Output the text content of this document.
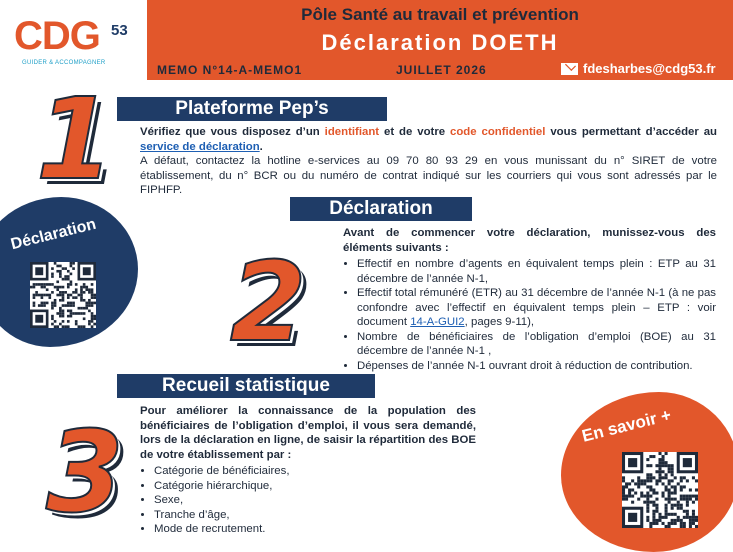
CDG 53
GUIDER & ACCOMPAGNER
Pôle Santé au travail et prévention
Déclaration DOETH
MEMO N°14-A-MEMO1	JUILLET 2026	fdesharbes@cdg53.fr
Déclaration
En savoir +
1
2
3
Plateforme Pep’s
Vérifiez que vous disposez d’un identifiant et de votre code confidentiel vous permettant d’accéder au service de déclaration.
A défaut, contactez la hotline e-services au 09 70 80 93 29 en vous munissant du n° SIRET de votre établissement, du n° BCR ou du numéro de contrat indiqué sur les courriers qui vous sont adressés par le FIPHFP.
Déclaration
Avant de commencer votre déclaration, munissez-vous des éléments suivants :
• Effectif en nombre d’agents en équivalent temps plein : ETP au 31 décembre de l’année N-1,
• Effectif total rémunéré (ETR) au 31 décembre de l’année N-1 (à ne pas confondre avec l’effectif en équivalent temps plein – ETP : voir document 14-A-GUI2, pages 9-11),
• Nombre de bénéficiaires de l’obligation d’emploi (BOE) au 31 décembre de l’année N-1 ,
• Dépenses de l’année N-1 ouvrant droit à réduction de contribution.
Recueil statistique
Pour améliorer la connaissance de la population des bénéficiaires de l’obligation d’emploi, il vous sera demandé, lors de la déclaration en ligne, de saisir la répartition des BOE de votre établissement par :
• Catégorie de bénéficiaires,
• Catégorie hiérarchique,
• Sexe,
• Tranche d’âge,
• Mode de recrutement.
